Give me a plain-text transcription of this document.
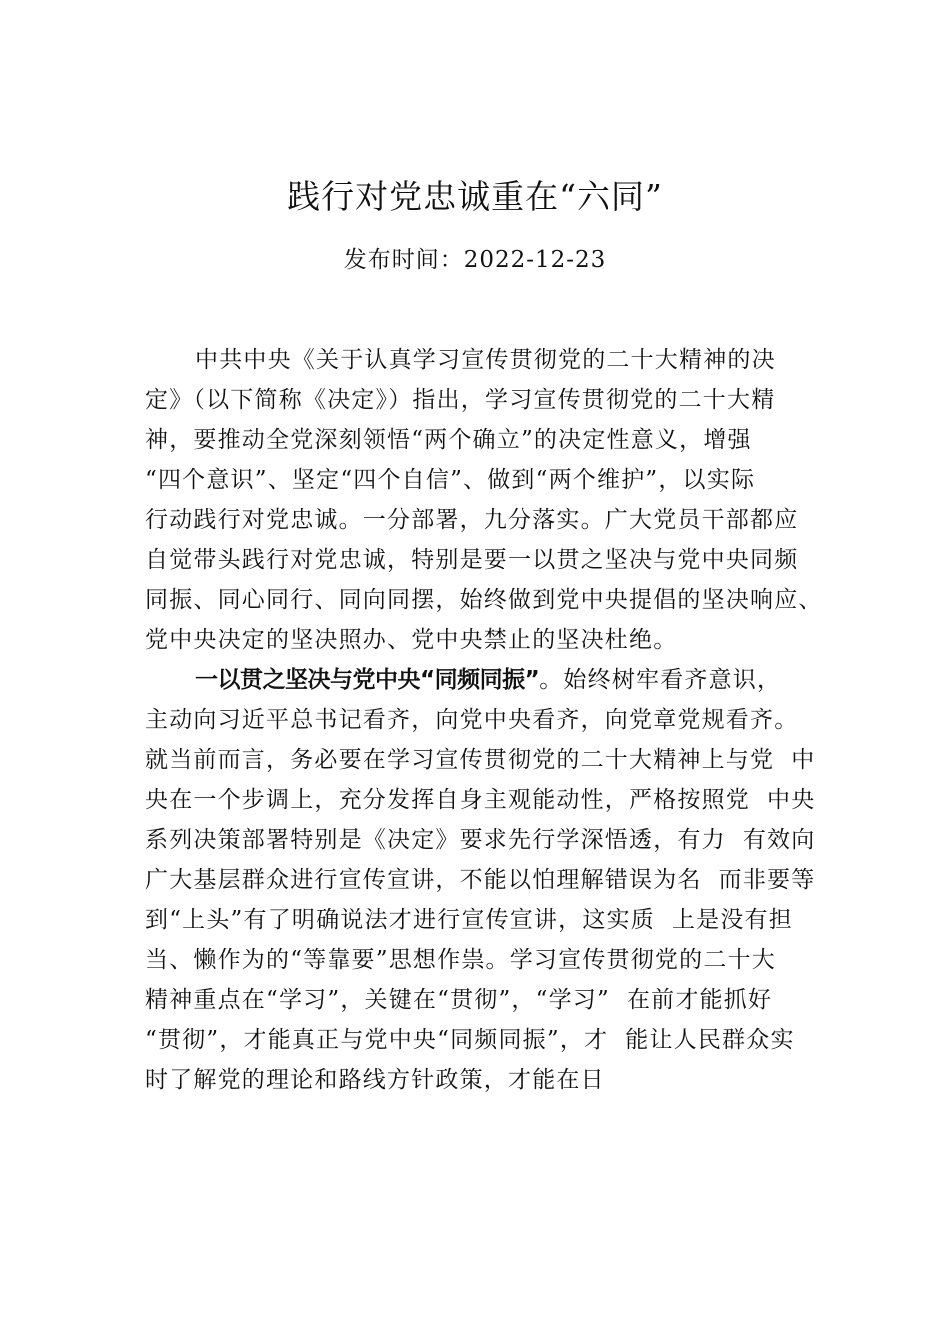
践行对党忠诚重在“六同”
发布时间：2022-12-23
中共中央《关于认真学习宣传贯彻党的二十大精神的决
定》（以下简称《决定》）指出，学习宣传贯彻党的二十大精
神，要推动全党深刻领悟“两个确立”的决定性意义，增强
“四个意识”、坚定“四个自信”、做到“两个维护”，以实际
行动践行对党忠诚。一分部署，九分落实。广大党员干部都应
自觉带头践行对党忠诚，特别是要一以贯之坚决与党中央同频
同振、同心同行、同向同摆，始终做到党中央提倡的坚决响应、
党中央决定的坚决照办、党中央禁止的坚决杜绝。
一以贯之坚决与党中央“同频同振”。始终树牢看齐意识，
主动向习近平总书记看齐，向党中央看齐，向党章党规看齐。
就当前而言，务必要在学习宣传贯彻党的二十大精神上与党  中
央在一个步调上，充分发挥自身主观能动性，严格按照党  中央
系列决策部署特别是《决定》要求先行学深悟透，有力  有效向
广大基层群众进行宣传宣讲，不能以怕理解错误为名  而非要等
到“上头”有了明确说法才进行宣传宣讲，这实质  上是没有担
当、懒作为的“等靠要”思想作祟。学习宣传贯彻党的二十大
精神重点在“学习”，关键在“贯彻”，“学习”  在前才能抓好
“贯彻”，才能真正与党中央“同频同振”，才  能让人民群众实
时了解党的理论和路线方针政策，才能在日
